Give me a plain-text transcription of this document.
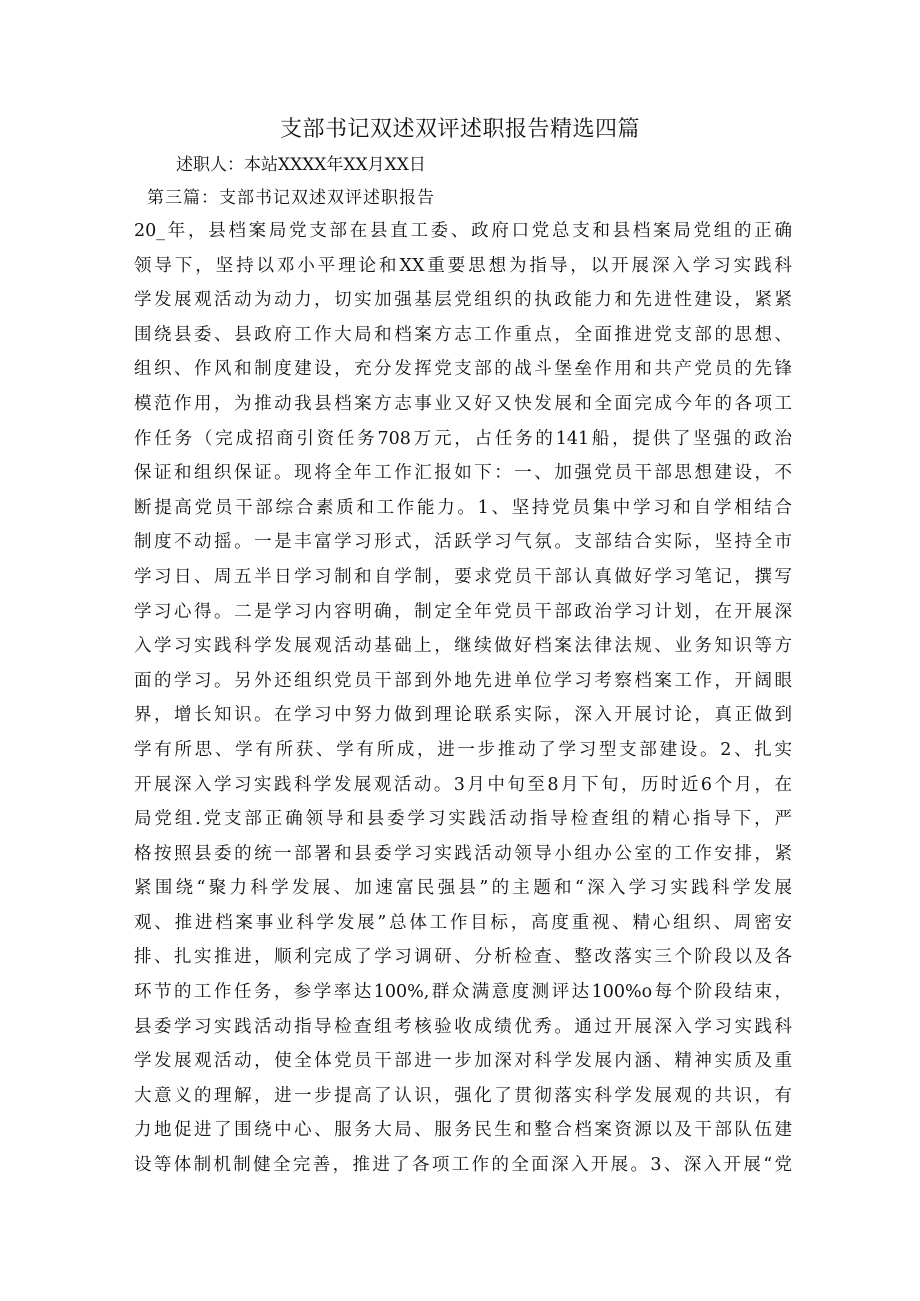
支部书记双述双评述职报告精选四篇

述职人：本站XXXX年XX月XX日

第三篇：支部书记双述双评述职报告

20_年，县档案局党支部在县直工委、政府口党总支和县档案局党组的正确
领导下，坚持以邓小平理论和XX重要思想为指导，以开展深入学习实践科
学发展观活动为动力，切实加强基层党组织的执政能力和先进性建设，紧紧
围绕县委、县政府工作大局和档案方志工作重点，全面推进党支部的思想、
组织、作风和制度建设，充分发挥党支部的战斗堡垒作用和共产党员的先锋
模范作用，为推动我县档案方志事业又好又快发展和全面完成今年的各项工
作任务（完成招商引资任务708万元，占任务的141船，提供了坚强的政治
保证和组织保证。现将全年工作汇报如下：一、加强党员干部思想建设，不
断提高党员干部综合素质和工作能力。1、坚持党员集中学习和自学相结合
制度不动摇。一是丰富学习形式，活跃学习气氛。支部结合实际，坚持全市
学习日、周五半日学习制和自学制，要求党员干部认真做好学习笔记，撰写
学习心得。二是学习内容明确，制定全年党员干部政治学习计划，在开展深
入学习实践科学发展观活动基础上，继续做好档案法律法规、业务知识等方
面的学习。另外还组织党员干部到外地先进单位学习考察档案工作，开阔眼
界，增长知识。在学习中努力做到理论联系实际，深入开展讨论，真正做到
学有所思、学有所获、学有所成，进一步推动了学习型支部建设。2、扎实
开展深入学习实践科学发展观活动。3月中旬至8月下旬，历时近6个月，在
局党组.党支部正确领导和县委学习实践活动指导检查组的精心指导下，严
格按照县委的统一部署和县委学习实践活动领导小组办公室的工作安排，紧
紧围绕“聚力科学发展、加速富民强县”的主题和“深入学习实践科学发展
观、推进档案事业科学发展”总体工作目标，高度重视、精心组织、周密安
排、扎实推进，顺利完成了学习调研、分析检查、整改落实三个阶段以及各
环节的工作任务，参学率达100%,群众满意度测评达100%o每个阶段结束，
县委学习实践活动指导检查组考核验收成绩优秀。通过开展深入学习实践科
学发展观活动，使全体党员干部进一步加深对科学发展内涵、精神实质及重
大意义的理解，进一步提高了认识，强化了贯彻落实科学发展观的共识，有
力地促进了围绕中心、服务大局、服务民生和整合档案资源以及干部队伍建
设等体制机制健全完善，推进了各项工作的全面深入开展。3、深入开展“党
